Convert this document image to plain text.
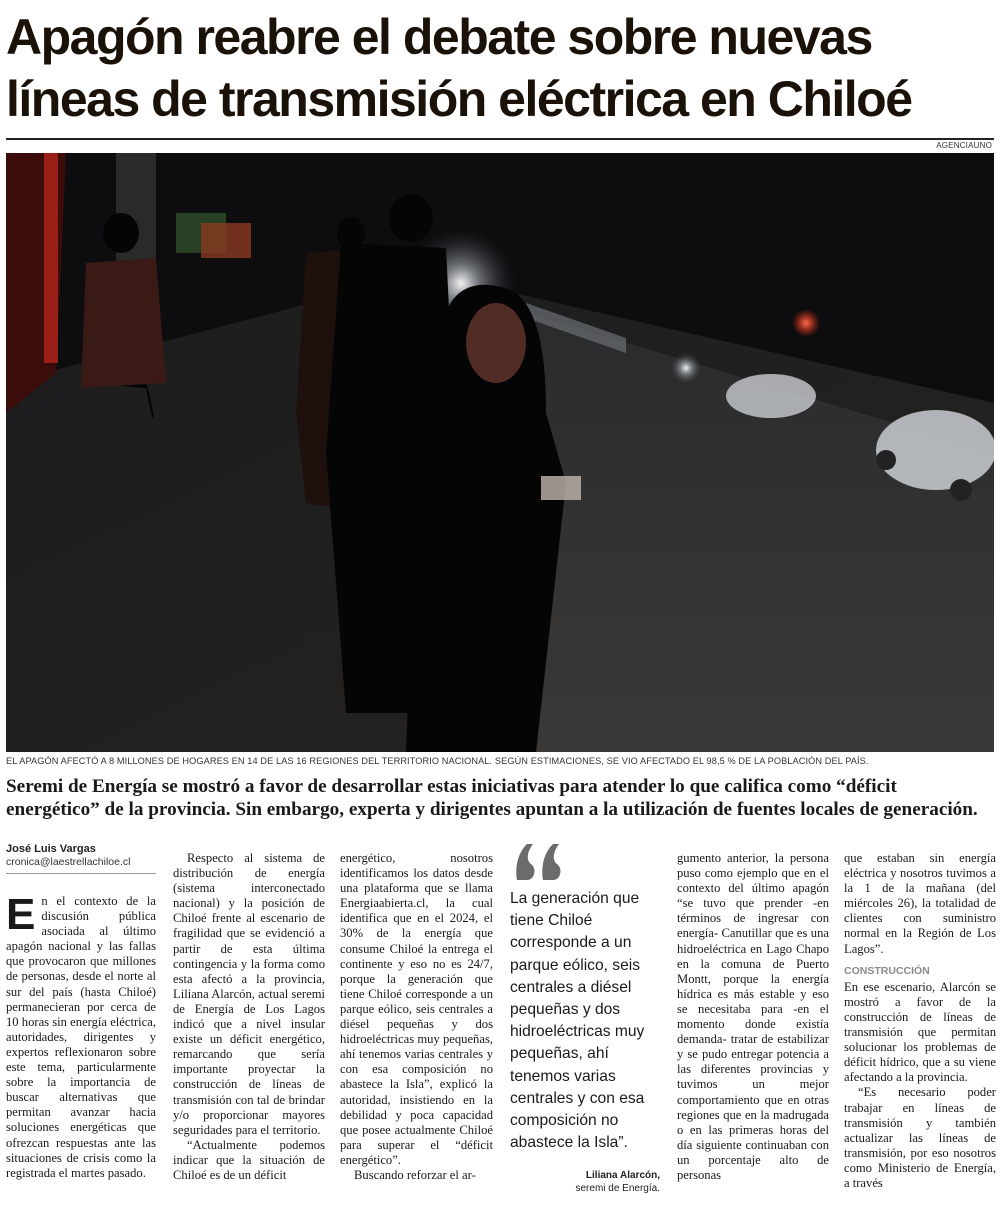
Apagón reabre el debate sobre nuevas líneas de transmisión eléctrica en Chiloé
AGENCIAUNO
EL APAGÓN AFECTÓ A 8 MILLONES DE HOGARES EN 14 DE LAS 16 REGIONES DEL TERRITORIO NACIONAL. SEGÚN ESTIMACIONES, SE VIO AFECTADO EL 98,5 % DE LA POBLACIÓN DEL PAÍS.
Seremi de Energía se mostró a favor de desarrollar estas iniciativas para atender lo que califica como “déficit energético” de la provincia. Sin embargo, experta y dirigentes apuntan a la utilización de fuentes locales de generación.
José Luis Vargas
cronica@laestrellachiloe.cl
E n el contexto de la discusión pública asociada al último apagón nacional y las fallas que provocaron que millones de personas, desde el norte al sur del país (hasta Chiloé) permanecieran por cerca de 10 horas sin energía eléctrica, autoridades, dirigentes y expertos reflexionaron sobre este tema, particularmente sobre la importancia de buscar alternativas que permitan avanzar hacia soluciones energéticas que ofrezcan respuestas ante las situaciones de crisis como la registrada el martes pasado.

Respecto al sistema de distribución de energía (sistema interconectado nacional) y la posición de Chiloé frente al escenario de fragilidad que se evidenció a partir de esta última contingencia y la forma como esta afectó a la provincia, Liliana Alarcón, actual seremi de Energía de Los Lagos indicó que a nivel insular existe un déficit energético, remarcando que sería importante proyectar la construcción de líneas de transmisión con tal de brindar y/o proporcionar mayores seguridades para el territorio.

“Actualmente podemos indicar que la situación de Chiloé es de un déficit

energético, nosotros identificamos los datos desde una plataforma que se llama Energiaabierta.cl, la cual identifica que en el 2024, el 30% de la energía que consume Chiloé la entrega el continente y eso no es 24/7, porque la generación que tiene Chiloé corresponde a un parque eólico, seis centrales a diésel pequeñas y dos hidroeléctricas muy pequeñas, ahí tenemos varias centrales y con esa composición no abastece la Isla”, explicó la autoridad, insistiendo en la debilidad y poca capacidad que posee actualmente Chiloé para superar el “déficit energético”.

Buscando reforzar el ar-

La generación que tiene Chiloé corresponde a un parque eólico, seis centrales a diésel pequeñas y dos hidroeléctricas muy pequeñas, ahí tenemos varias centrales y con esa composición no abastece la Isla”.
Liliana Alarcón,
seremi de Energía.

gumento anterior, la persona puso como ejemplo que en el contexto del último apagón “se tuvo que prender -en términos de ingresar con energía- Canutillar que es una hidroeléctrica en Lago Chapo en la comuna de Puerto Montt, porque la energía hídrica es más estable y eso se necesitaba para -en el momento donde existía demanda- tratar de estabilizar y se pudo entregar potencia a las diferentes provincias y tuvimos un mejor comportamiento que en otras regiones que en la madrugada o en las primeras horas del día siguiente continuaban con un porcentaje alto de personas

que estaban sin energía eléctrica y nosotros tuvimos a la 1 de la mañana (del miércoles 26), la totalidad de clientes con suministro normal en la Región de Los Lagos”.

CONSTRUCCIÓN

En ese escenario, Alarcón se mostró a favor de la construcción de líneas de transmisión que permitan solucionar los problemas de déficit hídrico, que a su viene afectando a la provincia.

“Es necesario poder trabajar en líneas de transmisión y también actualizar las líneas de transmisión, por eso nosotros como Ministerio de Energía, a través
